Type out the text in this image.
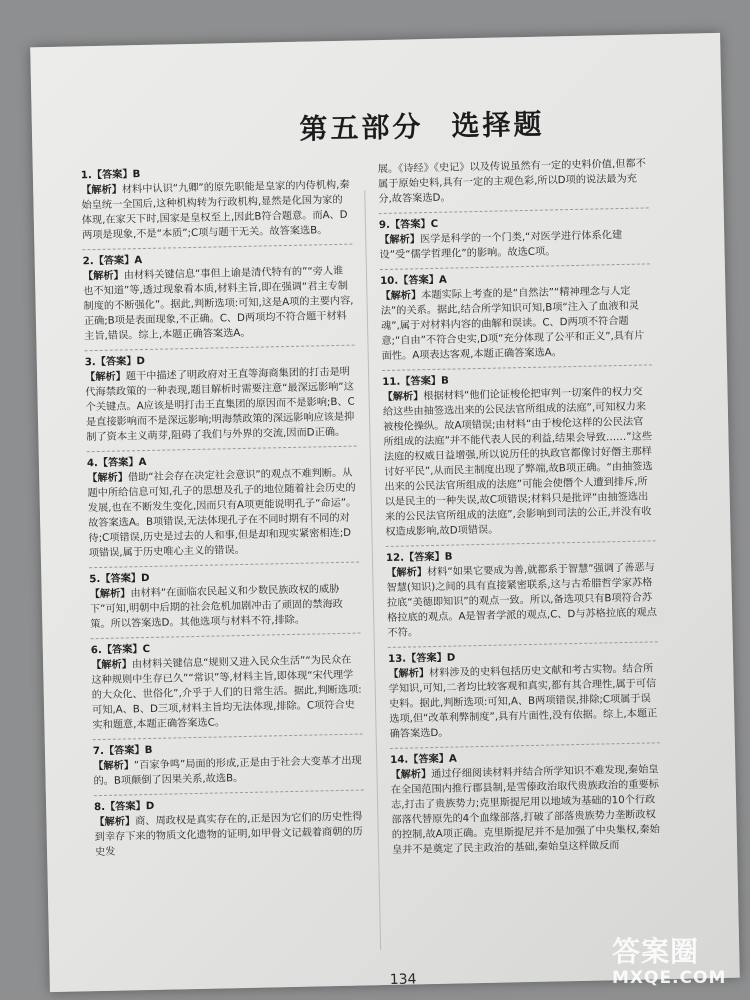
第五部分 选择题
1.【答案】B

【解析】材料中认识“九卿”的原先职能是皇家的内侍机构,秦始皇统一全国后,这种机构转为行政机构,显然是化国为家的体现,在家天下时,国家是皇权至上,因此B符合题意。而A、D两项是现象,不是“本质”;C项与题干无关。故答案选B。

2.【答案】A

【解析】由材料关键信息“事但上谕是清代特有的”“旁人谁也不知道”等,透过现象看本质,材料主旨,即在强调“君主专制制度的不断强化”。据此,判断选项:可知,这是A项的主要内容,正确;B项是表面现象,不正确。C、D两项均不符合题干材料主旨,错误。综上,本题正确答案选A。

3.【答案】D

【解析】题干中描述了明政府对王直等海商集团的打击是明代海禁政策的一种表现,题目解析时需要注意“最深远影响”这个关键点。A应该是明打击王直集团的原因而不是影响;B、C是直接影响而不是深远影响;明海禁政策的深远影响应该是抑制了资本主义萌芽,阻碍了我们与外界的交流,因而D正确。

4.【答案】A

【解析】借助“社会存在决定社会意识”的观点不难判断。从题中所给信息可知,孔子的思想及孔子的地位随着社会历史的发展,也在不断发生变化,因而只有A项更能说明孔子“命运”。故答案选A。B项错误,无法体现孔子在不同时期有不同的对待;C项错误,历史是过去的人和事,但是却和现实紧密相连;D项错误,属于历史唯心主义的错误。

5.【答案】D

【解析】由材料“在面临农民起义和少数民族政权的威胁下”可知,明朝中后期的社会危机加剧冲击了顽固的禁海政策。所以答案选D。其他选项与材料不符,排除。

6.【答案】C

【解析】由材料关键信息“规则又进入民众生活”“为民众在这种规则中生存已久”“常识”等,材料主旨,即体现“宋代理学的大众化、世俗化”,介乎于人们的日常生活。据此,判断选项:可知,A、B、D三项,材料主旨均无法体现,排除。C项符合史实和题意,本题正确答案选C。

7.【答案】B

【解析】“百家争鸣”局面的形成,正是由于社会大变革才出现的。B项颠倒了因果关系,故选B。

8.【答案】D

【解析】商、周政权是真实存在的,正是因为它们的历史性得到幸存下来的物质文化遗物的证明,如甲骨文记载着商朝的历史发

展。《诗经》《史记》以及传说虽然有一定的史料价值,但都不属于原始史料,具有一定的主观色彩,所以D项的说法最为充分,故答案选D。

9.【答案】C

【解析】医学是科学的一个门类,“对医学进行体系化建设”受“儒学哲理化”的影响。故选C项。

10.【答案】A

【解析】本题实际上考查的是“自然法”“精神理念与人定法”的关系。据此,结合所学知识可知,B项“注入了血液和灵魂”,属于对材料内容的曲解和误读。C、D两项不符合题意;“自由”不符合史实,D项“充分体现了公平和正义”,具有片面性。A项表达客观,本题正确答案选A。

11.【答案】B

【解析】根据材料“他们论证梭伦把审判一切案件的权力交给这些由抽签选出来的公民法官所组成的法庭”,可知权力来被梭伦操纵。故A项错误;由材料“由于梭伦这样的公民法官所组成的法庭”并不能代表人民的利益,结果会导致……”这些法庭的权威日益增强,所以说历任的执政官都像讨好僭主那样讨好平民”,从而民主制度出现了弊端,故B项正确。“由抽签选出来的公民法官所组成的法庭”可能会使僭个人遭到排斥,所以是民主的一种失误,故C项错误;材料只是批评“由抽签选出来的公民法官所组成的法庭”,会影响到司法的公正,并没有收权造成影响,故D项错误。

12.【答案】B

【解析】材料“如果它要成为善,就都系于智慧”强调了善恶与智慧(知识)之间的具有直接紧密联系,这与古希腊哲学家苏格拉底“美德即知识”的观点一致。所以,备选项只有B项符合苏格拉底的观点。A是智者学派的观点,C、D与苏格拉底的观点不符。

13.【答案】D

【解析】材料涉及的史料包括历史文献和考古实物。结合所学知识,可知,二者均比较客观和真实,都有其合理性,属于可信史料。据此,判断选项:可知,A、B两项错误,排除;C项属于误选项,但“改革利弊制度”,具有片面性,没有依据。综上,本题正确答案选D。

14.【答案】A

【解析】通过仔细阅读材料并结合所学知识不难发现,秦始皇在全国范围内推行郡县制,是雪傣政治取代贵族政治的重要标志,打击了贵族势力;克里斯提尼用以地域为基础的10个行政部落代替原先的4个血缘部落,打破了部落贵族势力垄断政权的控制,故A项正确。克里斯提尼并不是加强了中央集权,秦始皇并不是奠定了民主政治的基础,秦始皇这样做反而

134
答案圈
MXQE.COM
